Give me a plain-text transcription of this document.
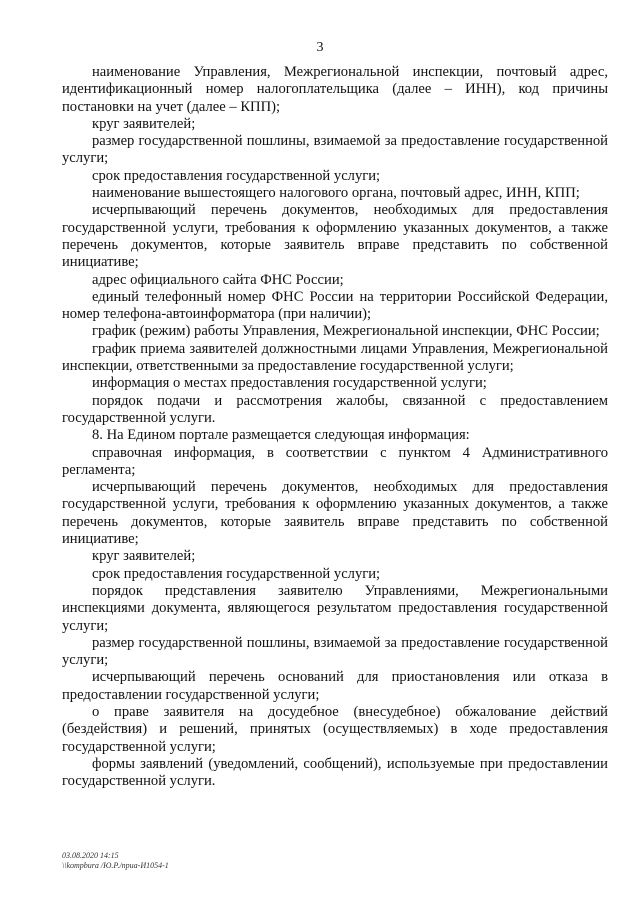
3

наименование Управления, Межрегиональной инспекции, почтовый адрес, идентификационный номер налогоплательщика (далее – ИНН), код причины постановки на учет (далее – КПП);

круг заявителей;

размер государственной пошлины, взимаемой за предоставление государственной услуги;

срок предоставления государственной услуги;

наименование вышестоящего налогового органа, почтовый адрес, ИНН, КПП;

исчерпывающий перечень документов, необходимых для предоставления государственной услуги, требования к оформлению указанных документов, а также перечень документов, которые заявитель вправе представить по собственной инициативе;

адрес официального сайта ФНС России;

единый телефонный номер ФНС России на территории Российской Федерации, номер телефона-автоинформатора (при наличии);

график (режим) работы Управления, Межрегиональной инспекции, ФНС России;

график приема заявителей должностными лицами Управления, Межрегиональной инспекции, ответственными за предоставление государственной услуги;

информация о местах предоставления государственной услуги;

порядок подачи и рассмотрения жалобы, связанной с предоставлением государственной услуги.

8. На Едином портале размещается следующая информация:

справочная информация, в соответствии с пунктом 4 Административного регламента;

исчерпывающий перечень документов, необходимых для предоставления государственной услуги, требования к оформлению указанных документов, а также перечень документов, которые заявитель вправе представить по собственной инициативе;

круг заявителей;

срок предоставления государственной услуги;

порядок представления заявителю Управлениями, Межрегиональными инспекциями документа, являющегося результатом предоставления государственной услуги;

размер государственной пошлины, взимаемой за предоставление государственной услуги;

исчерпывающий перечень оснований для приостановления или отказа в предоставлении государственной услуги;

о праве заявителя на досудебное (внесудебное) обжалование действий (бездействия) и решений, принятых (осуществляемых) в ходе предоставления государственной услуги;

формы заявлений (уведомлений, сообщений), используемые при предоставлении государственной услуги.

03.08.2020 14:15
\\kompbura /Ю.Р./приа-И1054-1
